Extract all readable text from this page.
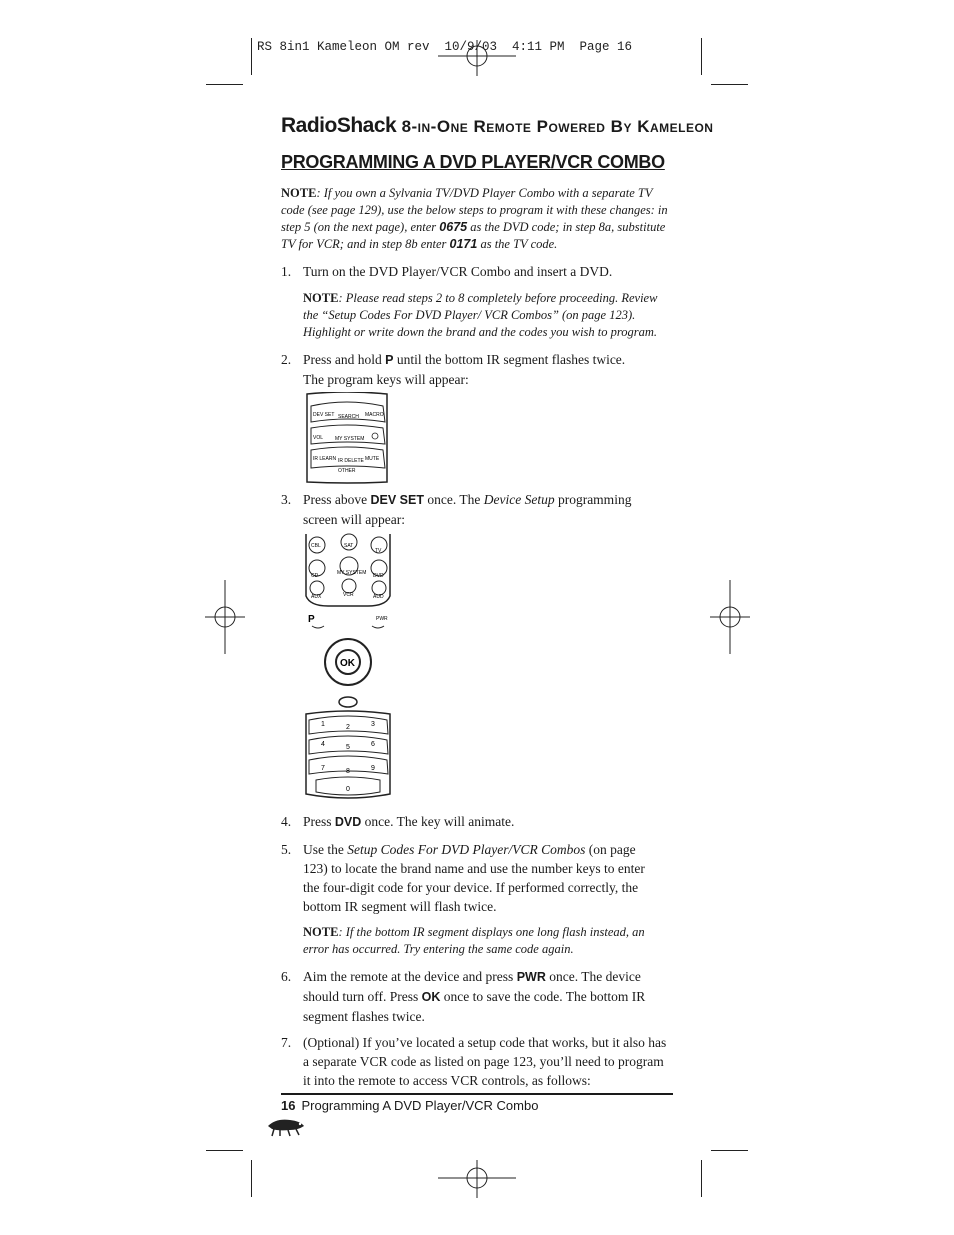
RS 8in1 Kameleon OM rev  10/9/03  4:11 PM  Page 16
RadioShack 8-in-One Remote Powered By Kameleon
PROGRAMMING A DVD PLAYER/VCR COMBO
NOTE: If you own a Sylvania TV/DVD Player Combo with a separate TV code (see page 129), use the below steps to program it with these changes: in step 5 (on the next page), enter 0675 as the DVD code; in step 8a, substitute TV for VCR; and in step 8b enter 0171 as the TV code.
1. Turn on the DVD Player/VCR Combo and insert a DVD.
NOTE: Please read steps 2 to 8 completely before proceeding. Review the “Setup Codes For DVD Player/ VCR Combos” (on page 123). Highlight or write down the brand and the codes you wish to program.
2. Press and hold P until the bottom IR segment flashes twice. The program keys will appear:
DEV SET SEARCH MACRO
VOL MY SYSTEM
IR LEARN IR DELETE MUTE
OTHER
3. Press above DEV SET once. The Device Setup programming screen will appear:
CBL	SAT
TV
CD	MY SYSTEM DVD
AUX	VCR	AUD
P	PWR
OK
1	2	3
4	5	6
7	8	9
0
4. Press DVD once. The key will animate.
5. Use the Setup Codes For DVD Player/VCR Combos (on page 123) to locate the brand name and use the number keys to enter the four-digit code for your device. If performed correctly, the bottom IR segment will flash twice.
NOTE: If the bottom IR segment displays one long flash instead, an error has occurred. Try entering the same code again.
6. Aim the remote at the device and press PWR once. The device should turn off. Press OK once to save the code. The bottom IR segment flashes twice.
7. (Optional) If you’ve located a setup code that works, but it also has a separate VCR code as listed on page 123, you’ll need to program it into the remote to access VCR controls, as follows:
16 Programming A DVD Player/VCR Combo
